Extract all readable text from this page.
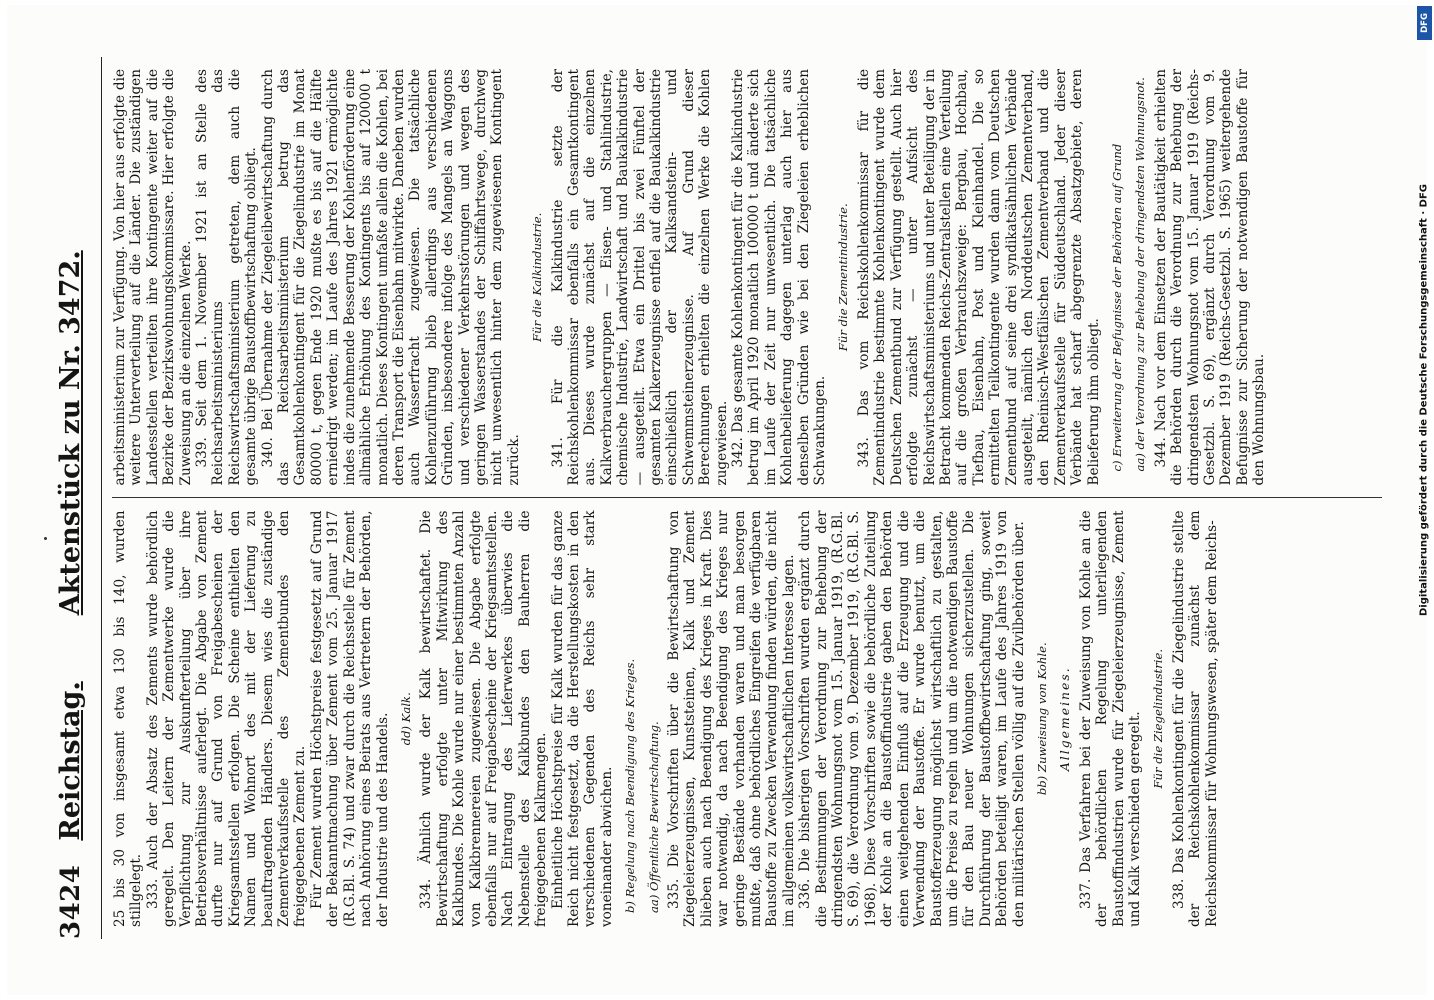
3424
Reichstag.
Aktenstück zu Nr. 3472.

25 bis 30 von insgesamt etwa 130 bis 140, wurden stillgelegt. 333. Auch der Absatz des Zements wurde behördlich geregelt. Den Leitern der Zementwerke wurde die Verpflichtung zur Auskunfterteilung über ihre Betriebsverhältnisse auferlegt. Die Abgabe von Zement durfte nur auf Grund von Freigabescheinen der Kriegsamtsstellen erfolgen. Die Scheine enthielten den Namen und Wohnort des mit der Lieferung zu beauftragenden Händlers. Diesem wies die zuständige Zementverkaufsstelle des Zementbundes den freigegebenen Zement zu. Für Zement wurden Höchstpreise festgesetzt auf Grund der Bekanntmachung über Zement vom 25. Januar 1917 (R.G.Bl. S. 74) und zwar durch die Reichsstelle für Zement nach Anhörung eines Beirats aus Vertretern der Behörden, der Industrie und des Handels. dd) Kalk. 334. Ähnlich wurde der Kalk bewirtschaftet. Die Bewirtschaftung erfolgte unter Mitwirkung des Kalkbundes. Die Kohle wurde nur einer bestimmten Anzahl von Kalkbrennereien zugewiesen. Die Abgabe erfolgte ebenfalls nur auf Freigabescheine der Kriegsamtsstellen. Nach Eintragung des Lieferwerkes überwies die Nebenstelle des Kalkbundes den Bauherren die freigegebenen Kalkmengen. Einheitliche Höchstpreise für Kalk wurden für das ganze Reich nicht festgesetzt, da die Herstellungskosten in den verschiedenen Gegenden des Reichs sehr stark voneinander abwichen. b) Regelung nach Beendigung des Krieges. aa) Öffentliche Bewirtschaftung. 335. Die Vorschriften über die Bewirtschaftung von Ziegeleierzeugnissen, Kunststeinen, Kalk und Zement blieben auch nach Beendigung des Krieges in Kraft. Dies war notwendig, da nach Beendigung des Krieges nur geringe Bestände vorhanden waren und man besorgen mußte, daß ohne behördliches Eingreifen die verfügbaren Baustoffe zu Zwecken Verwendung finden würden, die nicht im allgemeinen volkswirtschaftlichen Interesse lagen. 336. Die bisherigen Vorschriften wurden ergänzt durch die Bestimmungen der Verordnung zur Behebung der dringendsten Wohnungsnot vom 15. Januar 1919, (R.G.Bl. S. 69), die Verordnung vom 9. Dezember 1919, (R.G.Bl. S. 1968). Diese Vorschriften sowie die behördliche Zuteilung der Kohle an die Baustoffindustrie gaben den Behörden einen weitgehenden Einfluß auf die Erzeugung und die Verwendung der Baustoffe. Er wurde benutzt, um die Baustofferzeugung möglichst wirtschaftlich zu gestalten, um die Preise zu regeln und um die notwendigen Baustoffe für den Bau neuer Wohnungen sicherzustellen. Die Durchführung der Baustoffbewirtschaftung ging, soweit Behörden beteiligt waren, im Laufe des Jahres 1919 von den militärischen Stellen völlig auf die Zivilbehörden über. bb) Zuweisung von Kohle. Allgemeines. 337. Das Verfahren bei der Zuweisung von Kohle an die der behördlichen Regelung unterliegenden Baustoffindustrien wurde für Ziegeleierzeugnisse, Zement und Kalk verschieden geregelt. Für die Ziegelindustrie. 338. Das Kohlenkontingent für die Ziegelindustrie stellte der Reichskohlenkommissar zunächst dem Reichskommissar für Wohnungswesen, später dem Reichs-

arbeitsministerium zur Verfügung. Von hier aus erfolgte die weitere Unterverteilung auf die Länder. Die zuständigen Landesstellen verteilten ihre Kontingente weiter auf die Bezirke der Bezirkswohnungskommissare. Hier erfolgte die Zuweisung an die einzelnen Werke. 339. Seit dem 1. November 1921 ist an Stelle des Reichsarbeitsministeriums das Reichswirtschaftsministerium getreten, dem auch die gesamte übrige Baustoffbewirtschaftung obliegt. 340. Bei Übernahme der Ziegeleibewirtschaftung durch das Reichsarbeitsministerium betrug das Gesamtkohlenkontingent für die Ziegelindustrie im Monat 80000 t, gegen Ende 1920 mußte es bis auf die Hälfte erniedrigt werden; im Laufe des Jahres 1921 ermöglichte indes die zunehmende Besserung der Kohlenförderung eine allmähliche Erhöhung des Kontingents bis auf 120000 t monatlich. Dieses Kontingent umfaßte allein die Kohlen, bei deren Transport die Eisenbahn mitwirkte. Daneben wurden auch Wasserfracht zugewiesen. Die tatsächliche Kohlenzuführung blieb allerdings aus verschiedenen Gründen, insbesondere infolge des Mangels an Waggons und verschiedener Verkehrsstörungen und wegen des geringen Wasserstandes der Schiffahrtswege, durchweg nicht unwesentlich hinter dem zugewiesenen Kontingent zurück.

Für die Kalkindustrie. 341. Für die Kalkindustrie setzte der Reichskohlenkommissar ebenfalls ein Gesamtkontingent aus. Dieses wurde zunächst auf die einzelnen Kalkverbrauchergruppen — Eisen- und Stahlindustrie, chemische Industrie, Landwirtschaft und Baukalkindustrie — ausgeteilt. Etwa ein Drittel bis zwei Fünftel der gesamten Kalkerzeugnisse entfiel auf die Baukalkindustrie einschließlich der Kalksandstein- und Schwemmsteinerzeugnisse. Auf Grund dieser Berechnungen erhielten die einzelnen Werke die Kohlen zugewiesen. 342. Das gesamte Kohlenkontingent für die Kalkindustrie betrug im April 1920 monatlich 100000 t und änderte sich im Laufe der Zeit nur unwesentlich. Die tatsächliche Kohlenbelieferung dagegen unterlag auch hier aus denselben Gründen wie bei den Ziegeleien erheblichen Schwankungen.

Für die Zementindustrie. 343. Das vom Reichskohlenkommissar für die Zementindustrie bestimmte Kohlenkontingent wurde dem Deutschen Zementbund zur Verfügung gestellt. Auch hier erfolgte zunächst — unter Aufsicht des Reichswirtschaftsministeriums und unter Beteiligung der in Betracht kommenden Reichs-Zentralstellen eine Verteilung auf die großen Verbrauchszweige: Bergbau, Hochbau, Tiefbau, Eisenbahn, Post und Kleinhandel. Die so ermittelten Teilkontingente wurden dann vom Deutschen Zementbund auf seine drei syndikatsähnlichen Verbände ausgeteilt, nämlich den Norddeutschen Zementverband, den Rheinisch-Westfälischen Zementverband und die Zementverkaufsstelle für Süddeutschland. Jeder dieser Verbände hat scharf abgegrenzte Absatzgebiete, deren Belieferung ihm obliegt. c) Erweiterung der Befugnisse der Behörden auf Grund aa) der Verordnung zur Behebung der dringendsten Wohnungsnot. 344. Nach vor dem Einsetzen der Bautätigkeit erhielten die Behörden durch die Verordnung zur Behebung der dringendsten Wohnungsnot vom 15. Januar 1919 (Reichs-Gesetzbl. S. 69), ergänzt durch Verordnung vom 9. Dezember 1919 (Reichs-Gesetzbl. S. 1965) weitergehende Befugnisse zur Sicherung der notwendigen Baustoffe für den Wohnungsbau.	Digitalisierung gefördert durch die Deutsche Forschungsgemeinschaft · DFG
DFG
